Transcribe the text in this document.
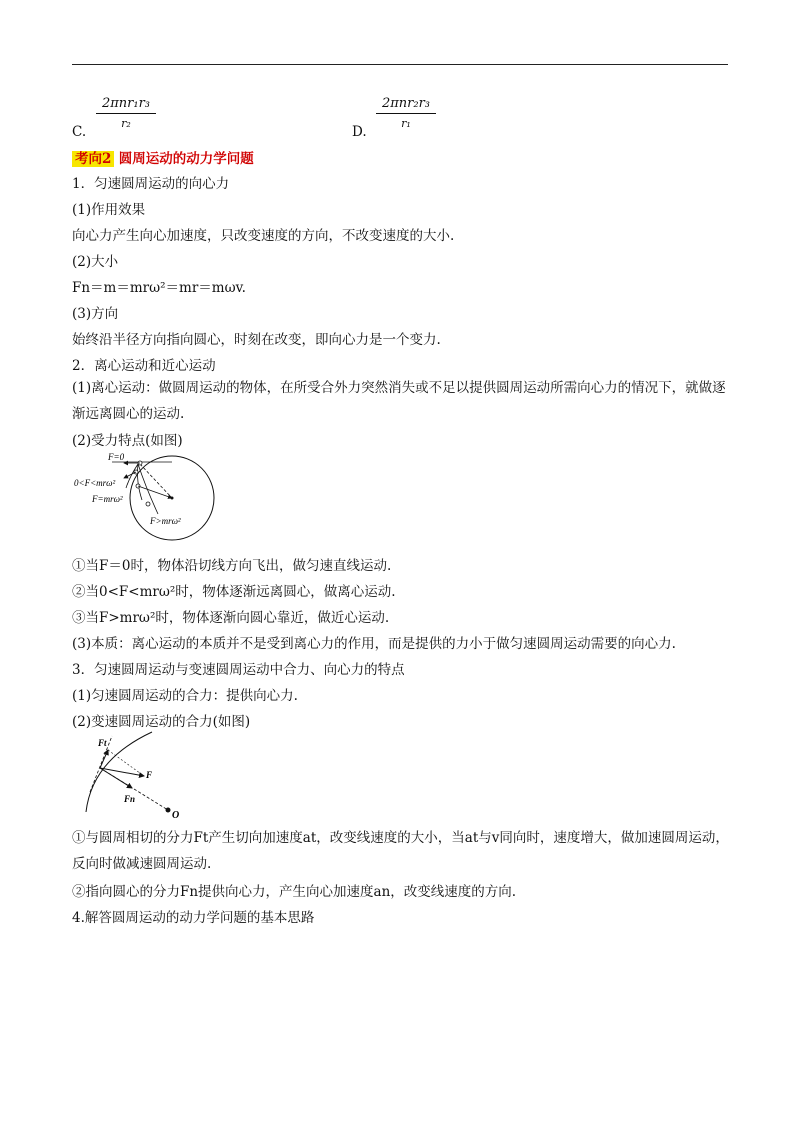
C.
2πnr₁r₃
r₂
D.
2πnr₂r₃
r₁
考向2 圆周运动的动力学问题
1．匀速圆周运动的向心力
(1)作用效果
向心力产生向心加速度，只改变速度的方向，不改变速度的大小.
(2)大小
Fn＝m＝mrω²＝mr＝mωv.
(3)方向
始终沿半径方向指向圆心，时刻在改变，即向心力是一个变力.
2．离心运动和近心运动
(1)离心运动：做圆周运动的物体，在所受合外力突然消失或不足以提供圆周运动所需向心力的情况下，就做逐渐远离圆心的运动.
(2)受力特点(如图)
F=0
0<F<mrω²
F=mrω²
F>mrω²
①当F＝0时，物体沿切线方向飞出，做匀速直线运动.
②当0<F<mrω²时，物体逐渐远离圆心，做离心运动.
③当F>mrω²时，物体逐渐向圆心靠近，做近心运动.
(3)本质：离心运动的本质并不是受到离心力的作用，而是提供的力小于做匀速圆周运动需要的向心力.
3．匀速圆周运动与变速圆周运动中合力、向心力的特点
(1)匀速圆周运动的合力：提供向心力.
(2)变速圆周运动的合力(如图)
Ft
F
Fn
O
①与圆周相切的分力Ft产生切向加速度at，改变线速度的大小，当at与v同向时，速度增大，做加速圆周运动，反向时做减速圆周运动.
②指向圆心的分力Fn提供向心力，产生向心加速度an，改变线速度的方向.
4.解答圆周运动的动力学问题的基本思路
